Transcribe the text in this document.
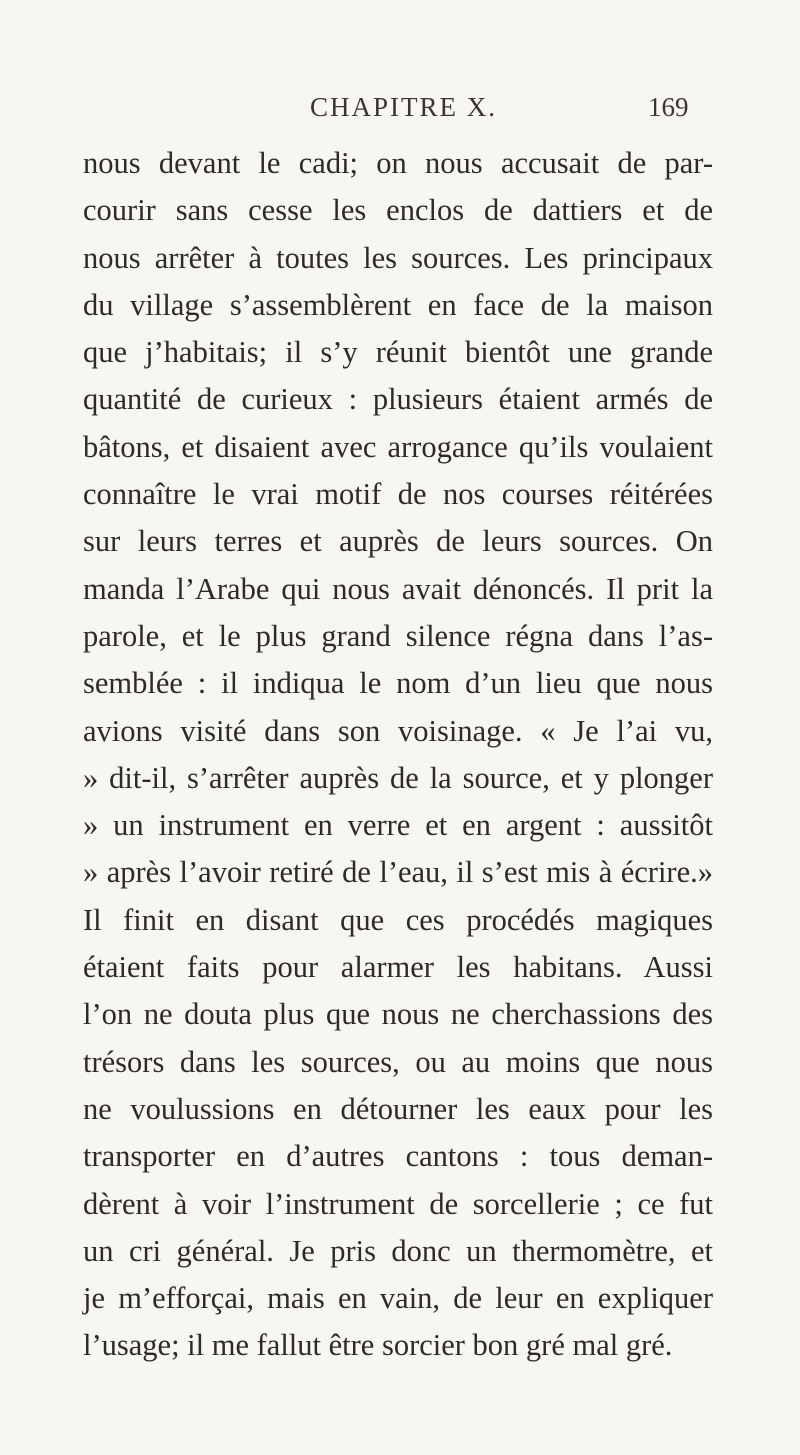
CHAPITRE X.	169
nous devant le cadi; on nous accusait de par-
courir sans cesse les enclos de dattiers et de
nous arrêter à toutes les sources. Les principaux
du village s’assemblèrent en face de la maison
que j’habitais; il s’y réunit bientôt une grande
quantité de curieux : plusieurs étaient armés de
bâtons, et disaient avec arrogance qu’ils voulaient
connaître le vrai motif de nos courses réitérées
sur leurs terres et auprès de leurs sources. On
manda l’Arabe qui nous avait dénoncés. Il prit la
parole, et le plus grand silence régna dans l’as-
semblée : il indiqua le nom d’un lieu que nous
avions visité dans son voisinage. « Je l’ai vu,
» dit-il, s’arrêter auprès de la source, et y plonger
» un instrument en verre et en argent : aussitôt
» après l’avoir retiré de l’eau, il s’est mis à écrire.»
Il finit en disant que ces procédés magiques
étaient faits pour alarmer les habitans. Aussi
l’on ne douta plus que nous ne cherchassions des
trésors dans les sources, ou au moins que nous
ne voulussions en détourner les eaux pour les
transporter en d’autres cantons : tous deman-
dèrent à voir l’instrument de sorcellerie ; ce fut
un cri général. Je pris donc un thermomètre, et
je m’efforçai, mais en vain, de leur en expliquer
l’usage; il me fallut être sorcier bon gré mal gré.
